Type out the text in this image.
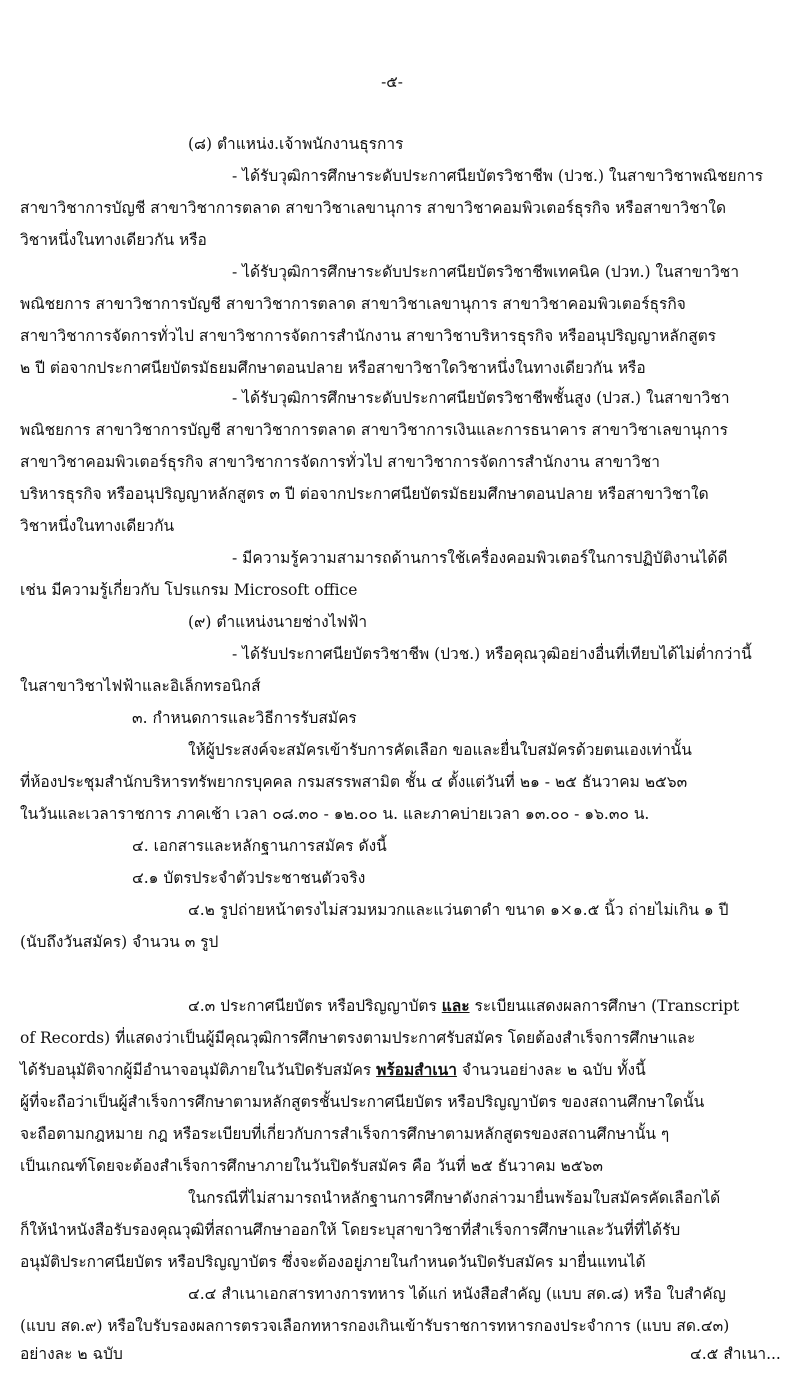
-๕-
(๘) ตำแหน่ง.เจ้าพนักงานธุรการ
- ได้รับวุฒิการศึกษาระดับประกาศนียบัตรวิชาชีพ (ปวช.) ในสาขาวิชาพณิชยการ
สาขาวิชาการบัญชี สาขาวิชาการตลาด สาขาวิชาเลขานุการ สาขาวิชาคอมพิวเตอร์ธุรกิจ หรือสาขาวิชาใด
วิชาหนึ่งในทางเดียวกัน หรือ
- ได้รับวุฒิการศึกษาระดับประกาศนียบัตรวิชาชีพเทคนิค (ปวท.) ในสาขาวิชา
พณิชยการ สาขาวิชาการบัญชี สาขาวิชาการตลาด สาขาวิชาเลขานุการ สาขาวิชาคอมพิวเตอร์ธุรกิจ
สาขาวิชาการจัดการทั่วไป สาขาวิชาการจัดการสำนักงาน สาขาวิชาบริหารธุรกิจ หรืออนุปริญญาหลักสูตร
๒ ปี ต่อจากประกาศนียบัตรมัธยมศึกษาตอนปลาย หรือสาขาวิชาใดวิชาหนึ่งในทางเดียวกัน หรือ
- ได้รับวุฒิการศึกษาระดับประกาศนียบัตรวิชาชีพชั้นสูง (ปวส.) ในสาขาวิชา
พณิชยการ สาขาวิชาการบัญชี สาขาวิชาการตลาด สาขาวิชาการเงินและการธนาคาร สาขาวิชาเลขานุการ
สาขาวิชาคอมพิวเตอร์ธุรกิจ สาขาวิชาการจัดการทั่วไป สาขาวิชาการจัดการสำนักงาน สาขาวิชา
บริหารธุรกิจ หรืออนุปริญญาหลักสูตร ๓ ปี ต่อจากประกาศนียบัตรมัธยมศึกษาตอนปลาย หรือสาขาวิชาใด
วิชาหนึ่งในทางเดียวกัน
- มีความรู้ความสามารถด้านการใช้เครื่องคอมพิวเตอร์ในการปฏิบัติงานได้ดี
เช่น มีความรู้เกี่ยวกับ โปรแกรม Microsoft office
(๙) ตำแหน่งนายช่างไฟฟ้า
- ได้รับประกาศนียบัตรวิชาชีพ (ปวช.) หรือคุณวุฒิอย่างอื่นที่เทียบได้ไม่ต่ำกว่านี้
ในสาขาวิชาไฟฟ้าและอิเล็กทรอนิกส์
๓. กำหนดการและวิธีการรับสมัคร
ให้ผู้ประสงค์จะสมัครเข้ารับการคัดเลือก ขอและยื่นใบสมัครด้วยตนเองเท่านั้น
ที่ห้องประชุมสำนักบริหารทรัพยากรบุคคล กรมสรรพสามิต ชั้น ๔ ตั้งแต่วันที่ ๒๑ - ๒๕ ธันวาคม ๒๕๖๓
ในวันและเวลาราชการ ภาคเช้า เวลา ๐๘.๓๐ - ๑๒.๐๐ น. และภาคบ่ายเวลา ๑๓.๐๐ - ๑๖.๓๐ น.
๔. เอกสารและหลักฐานการสมัคร ดังนี้
๔.๑ บัตรประจำตัวประชาชนตัวจริง
๔.๒ รูปถ่ายหน้าตรงไม่สวมหมวกและแว่นตาดำ ขนาด ๑×๑.๕ นิ้ว ถ่ายไม่เกิน ๑ ปี
(นับถึงวันสมัคร) จำนวน ๓ รูป
๔.๓ ประกาศนียบัตร หรือปริญญาบัตร และ ระเบียนแสดงผลการศึกษา (Transcript
of Records) ที่แสดงว่าเป็นผู้มีคุณวุฒิการศึกษาตรงตามประกาศรับสมัคร โดยต้องสำเร็จการศึกษาและ
ได้รับอนุมัติจากผู้มีอำนาจอนุมัติภายในวันปิดรับสมัคร พร้อมสำเนา จำนวนอย่างละ ๒ ฉบับ ทั้งนี้
ผู้ที่จะถือว่าเป็นผู้สำเร็จการศึกษาตามหลักสูตรชั้นประกาศนียบัตร หรือปริญญาบัตร ของสถานศึกษาใดนั้น
จะถือตามกฎหมาย กฎ หรือระเบียบที่เกี่ยวกับการสำเร็จการศึกษาตามหลักสูตรของสถานศึกษานั้น ๆ
เป็นเกณฑ์โดยจะต้องสำเร็จการศึกษาภายในวันปิดรับสมัคร คือ วันที่ ๒๕ ธันวาคม ๒๕๖๓
ในกรณีที่ไม่สามารถนำหลักฐานการศึกษาดังกล่าวมายื่นพร้อมใบสมัครคัดเลือกได้
ก็ให้นำหนังสือรับรองคุณวุฒิที่สถานศึกษาออกให้ โดยระบุสาขาวิชาที่สำเร็จการศึกษาและวันที่ที่ได้รับ
อนุมัติประกาศนียบัตร หรือปริญญาบัตร ซึ่งจะต้องอยู่ภายในกำหนดวันปิดรับสมัคร มายื่นแทนได้
๔.๔ สำเนาเอกสารทางการทหาร ได้แก่ หนังสือสำคัญ (แบบ สด.๘) หรือ ใบสำคัญ
(แบบ สด.๙) หรือใบรับรองผลการตรวจเลือกทหารกองเกินเข้ารับราชการทหารกองประจำการ (แบบ สด.๔๓)
อย่างละ ๒ ฉบับ	๔.๕ สำเนา...
